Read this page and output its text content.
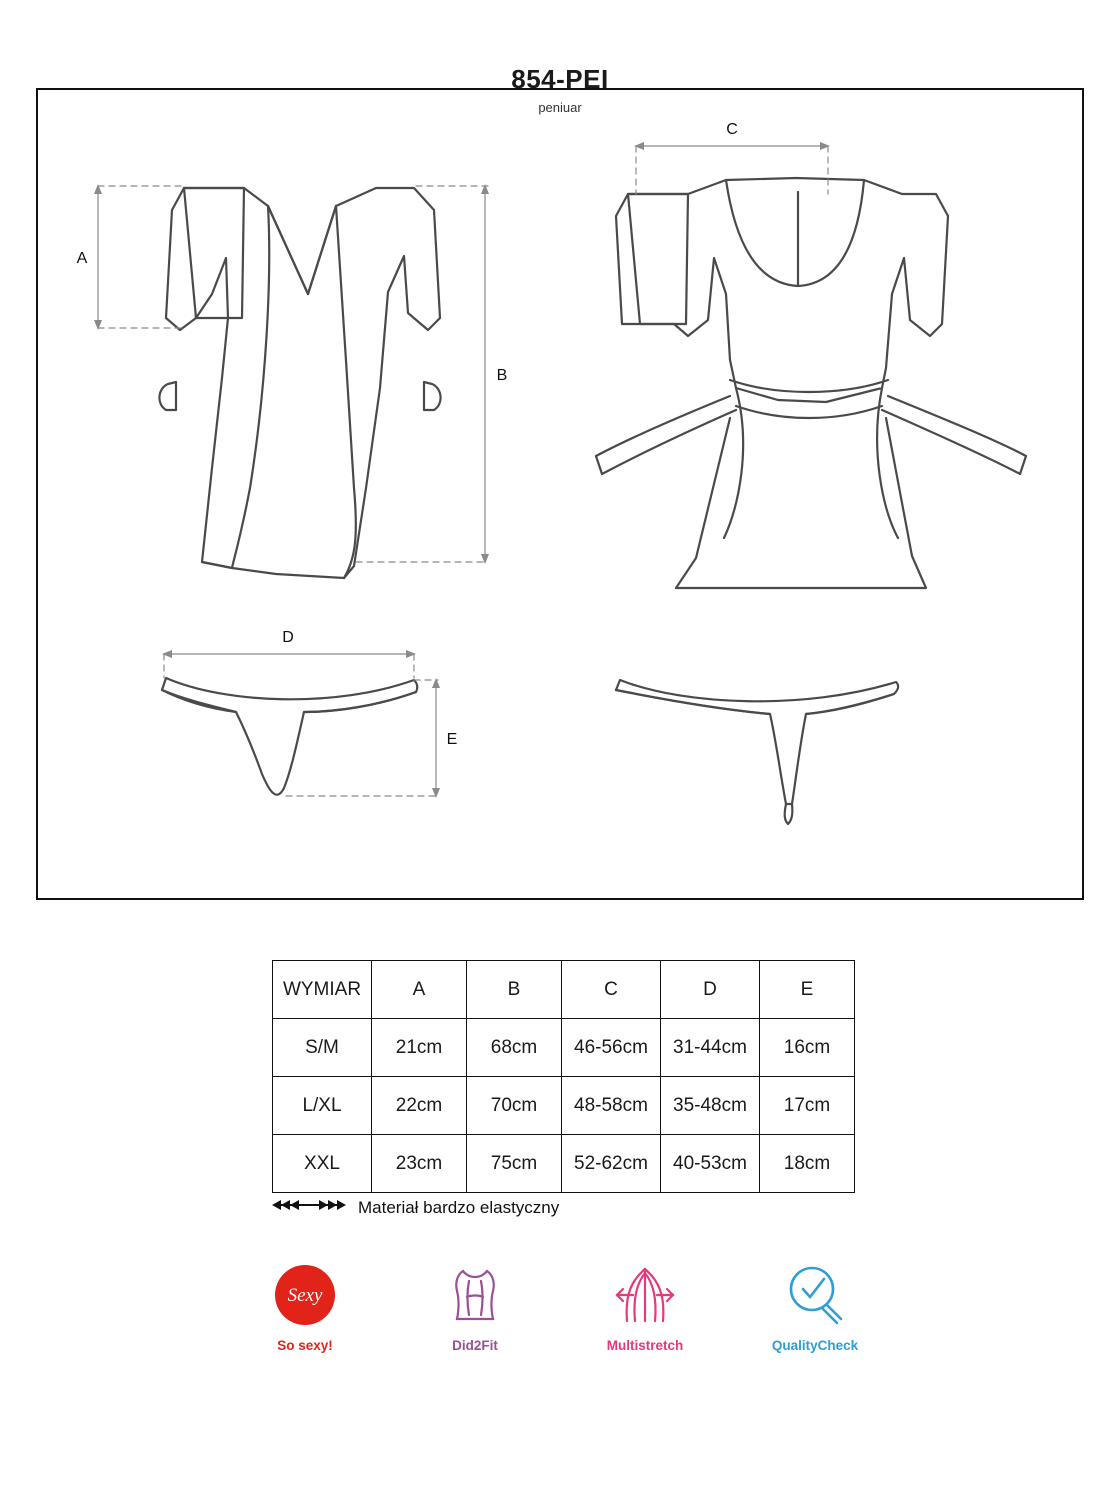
854-PEI
peniuar
A
B
C
D
E
WYMIAR	A	B	C	D	E
S/M	21cm	68cm	46-56cm	31-44cm	16cm
L/XL	22cm	70cm	48-58cm	35-48cm	17cm
XXL	23cm	75cm	52-62cm	40-53cm	18cm
Materiał bardzo elastyczny
Sexy
So sexy!	Did2Fit	Multistretch	QualityCheck
